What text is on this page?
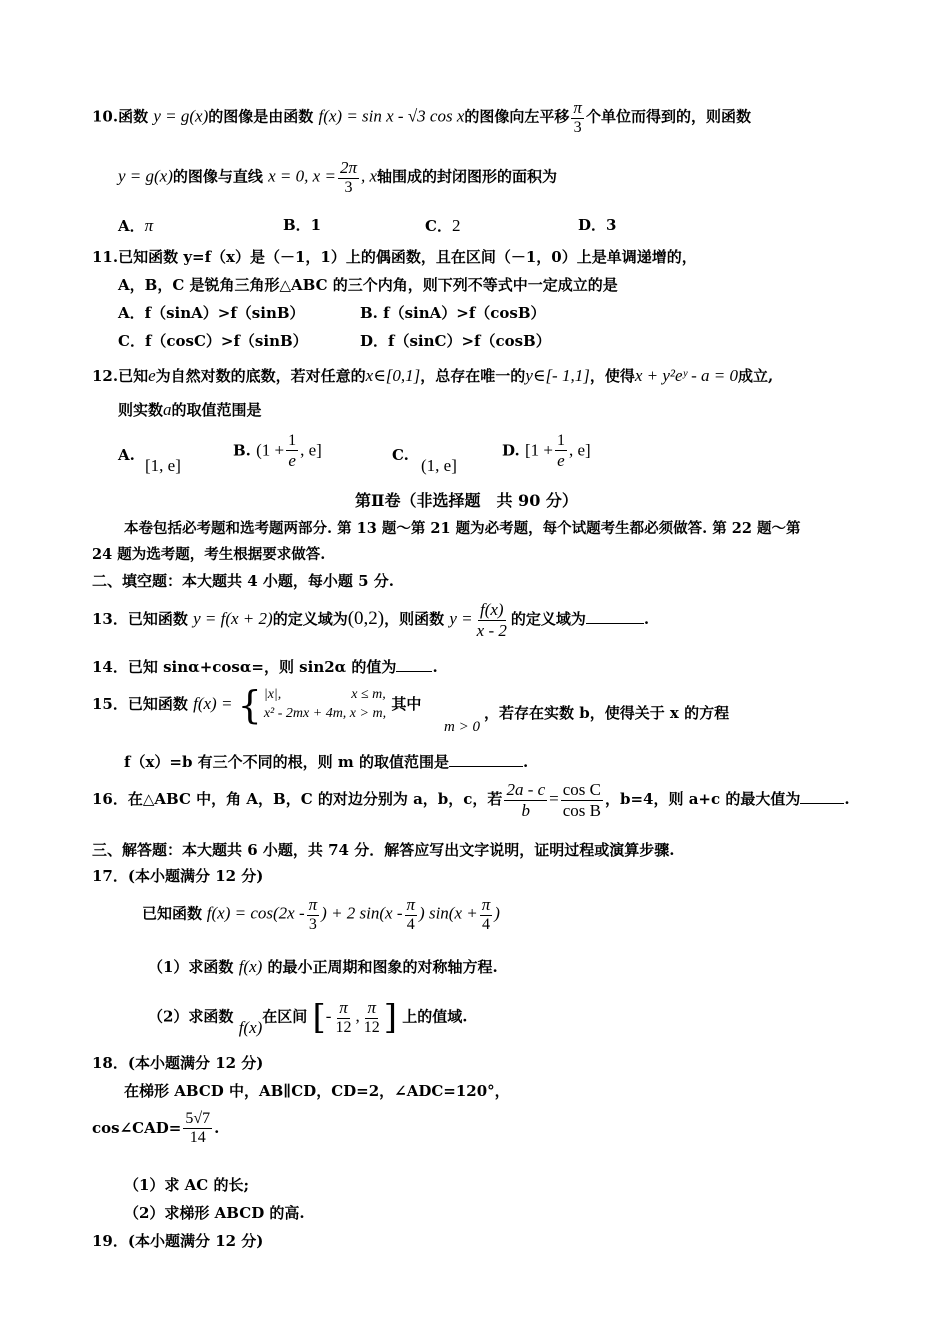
10.函数 y = g(x)的图像是由函数 f(x) = sin x - √3 cos x的图像向左平移 $\frac{\pi}{3}$ 个单位而得到的，则函数
y = g(x)的图像与直线 x = 0, $x = \frac{2\pi}{3}$ , x轴围成的封闭图形的面积为
A．π	B．1	C．2	D．3
11.已知函数 y=f（x）是（－1，1）上的偶函数，且在区间（－1，0）上是单调递增的，
A，B，C 是锐角三角形△ABC 的三个内角，则下列不等式中一定成立的是
A．f（sinA）>f（sinB）	B. f（sinA）>f（cosB）
C．f（cosC）>f（sinB）	D．f（sinC）>f（cosB）
12.已知e为自然对数的底数，若对任意的x∈[0,1]，总存在唯一的y∈[- 1,1]，使得x + y²eʸ - a = 0成立,
则实数a的取值范围是
A.
[1, e]
B. ($1 + \frac{1}{e}$ , e]	C.
(1, e]
D. [$1 + \frac{1}{e}$ , e]
第Ⅱ卷（非选择题　共 90 分）
本卷包括必考题和选考题两部分. 第 13 题～第 21 题为必考题，每个试题考生都必须做答. 第 22 题～第
24 题为选考题，考生根据要求做答.
二、填空题：本大题共 4 小题，每小题 5 分.
13．已知函数 y = f(x + 2)的定义域为(0,2)，则函数 $y = \frac{f(x)}{x - 2}$ 的定义域为	.
14．已知 sinα+cosα=，则 sin2α 的值为 .
15．已知函数 f(x) = { |x|,　　　　　x ≤ m,
x² - 2mx + 4m, x > m,
其中
m > 0
，若存在实数 b，使得关于 x 的方程
f（x）=b 有三个不同的根，则 m 的取值范围是	.
16．在△ABC 中，角 A，B，C 的对边分别为 a，b，c，若 $\frac{2a - c}{b} = \frac{\text{cos C}}{\text{cos B}}$ ，b=4，则 a+c 的最大值为	.
三、解答题：本大题共 6 小题，共 74 分．解答应写出文字说明，证明过程或演算步骤.
17．(本小题满分 12 分)
已知函数 $f(x) = \cos(2x - \frac{\pi}{3}$ ) + 2 $\sin(x - \frac{\pi}{4}$ ) $\sin(x + \frac{\pi}{4}$ )
（1）求函数 f(x) 的最小正周期和图象的对称轴方程.
（2）求函数 f(x)在区间 [- $\frac{\pi}{12}$ , $\frac{\pi}{12}$ ] 上的值域.
18．(本小题满分 12 分)
在梯形 ABCD 中，AB∥CD，CD=2，∠ADC=120°，
cos∠CAD= $\frac{5√7}{14}$ .
（1）求 AC 的长;
（2）求梯形 ABCD 的高.
19．(本小题满分 12 分)
